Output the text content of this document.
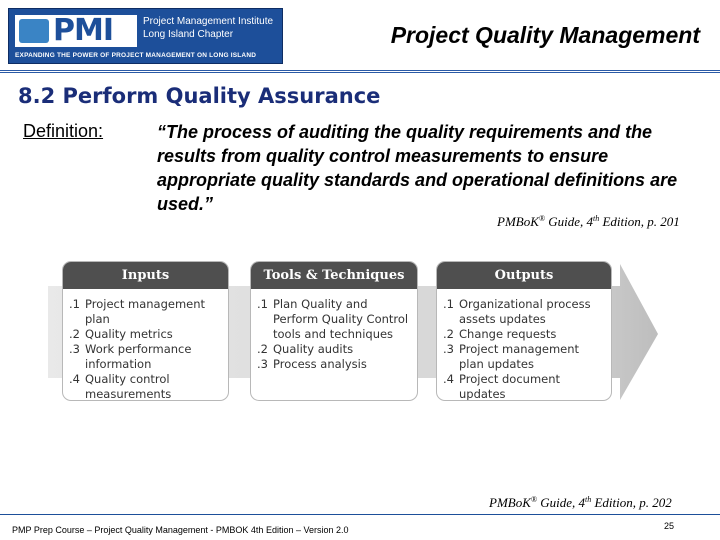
PMI	Project Management Institute
Long Island Chapter
EXPANDING THE POWER OF PROJECT MANAGEMENT ON LONG ISLAND
Project Quality Management
8.2 Perform Quality Assurance
Definition:	“The process of auditing the quality requirements and the results from quality control measurements to ensure appropriate quality standards and operational definitions are used.”
PMBoK® Guide, 4th Edition, p. 201
Inputs
.1 Project management plan
.2 Quality metrics
.3 Work performance information
.4 Quality control measurements
Tools & Techniques
.1 Plan Quality and Perform Quality Control tools and techniques
.2 Quality audits
.3 Process analysis
Outputs
.1 Organizational process assets updates
.2 Change requests
.3 Project management plan updates
.4 Project document updates
PMBoK® Guide, 4th Edition, p. 202
PMP Prep Course – Project Quality Management - PMBOK 4th Edition – Version 2.0	25
